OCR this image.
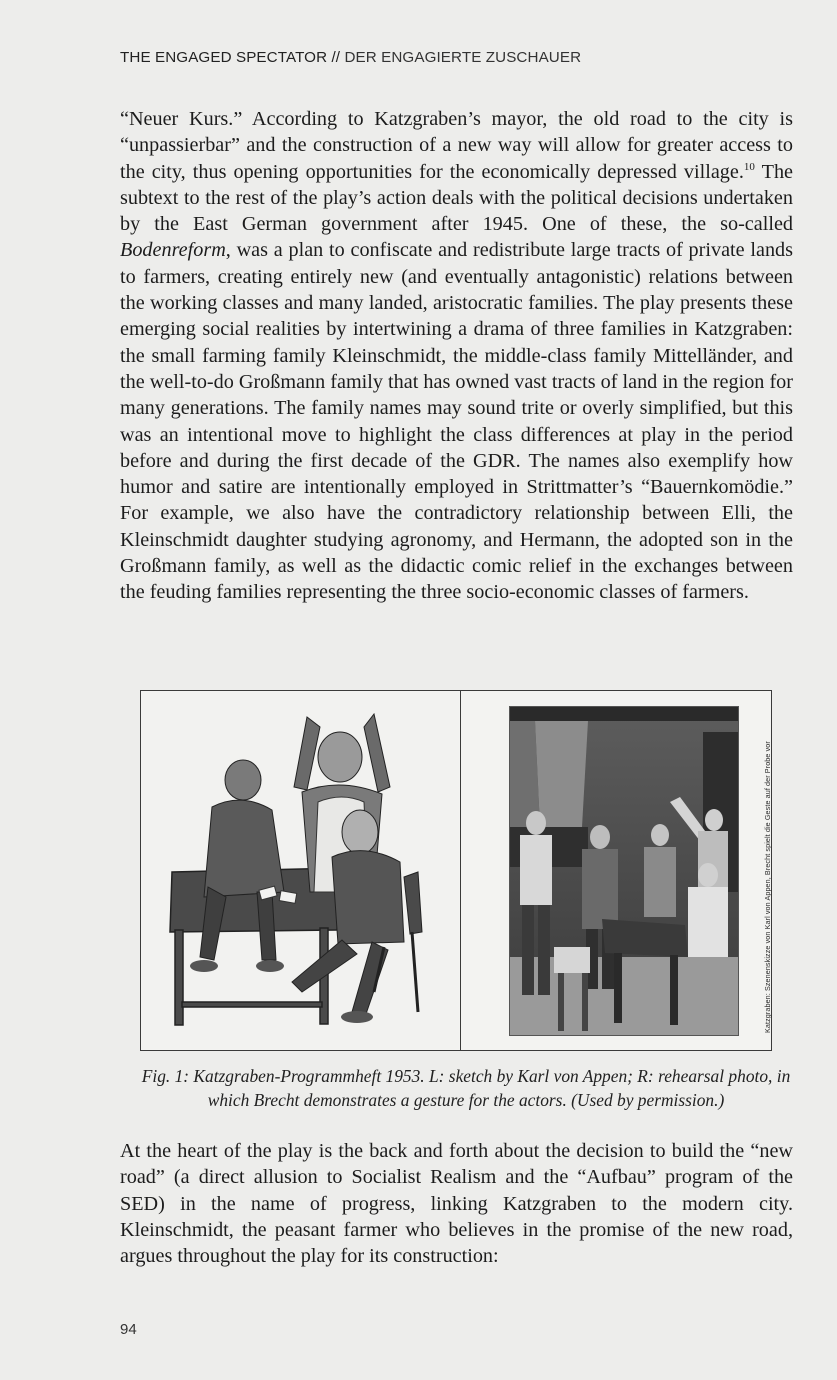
THE ENGAGED SPECTATOR // DER ENGAGIERTE ZUSCHAUER

“Neuer Kurs.” According to Katzgraben’s mayor, the old road to the city is “unpassierbar” and the construction of a new way will allow for greater access to the city, thus opening opportunities for the economically depressed village.$^{10}$ The subtext to the rest of the play’s action deals with the political decisions undertaken by the East German government after 1945. One of these, the so-called Bodenreform, was a plan to confiscate and redistribute large tracts of private lands to farmers, creating entirely new (and eventually antagonistic) relations between the working classes and many landed, aristocratic families. The play presents these emerging social realities by intertwining a drama of three families in Katzgraben: the small farming family Kleinschmidt, the middle-class family Mittelländer, and the well-to-do Großmann family that has owned vast tracts of land in the region for many generations. The family names may sound trite or overly simplified, but this was an intentional move to highlight the class differences at play in the period before and during the first decade of the GDR. The names also exemplify how humor and satire are intentionally employed in Strittmatter’s “Bauernkomödie.” For example, we also have the contradictory relationship between Elli, the Kleinschmidt daughter studying agronomy, and Hermann, the adopted son in the Großmann family, as well as the didactic comic relief in the exchanges between the feuding families representing the three socio-economic classes of farmers.

Katzgraben: Szenenskizze von Karl von Appen, Brecht spielt die Geste auf der Probe vor
Fig. 1: Katzgraben-Programmheft 1953. L: sketch by Karl von Appen; R: rehearsal photo, in which Brecht demonstrates a gesture for the actors. (Used by permission.)

At the heart of the play is the back and forth about the decision to build the “new road” (a direct allusion to Socialist Realism and the “Aufbau” program of the SED) in the name of progress, linking Katzgraben to the modern city. Kleinschmidt, the peasant farmer who believes in the promise of the new road, argues throughout the play for its construction:

94
